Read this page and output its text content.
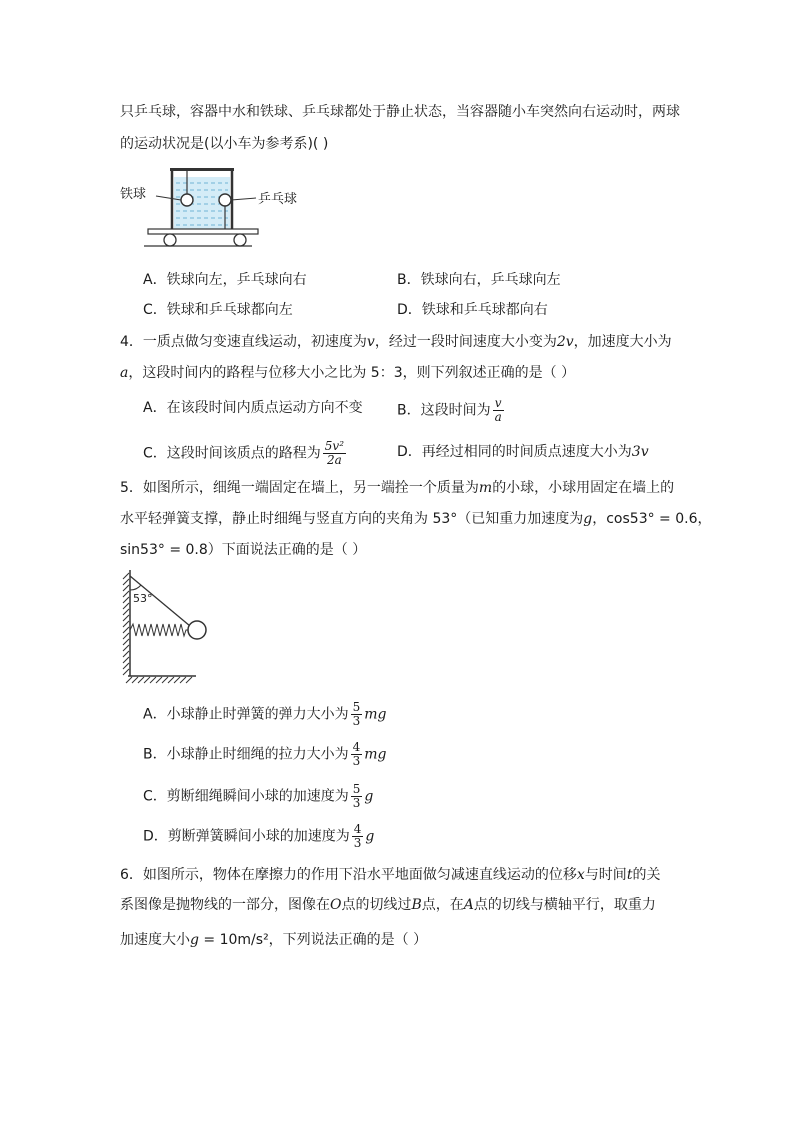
只乒乓球，容器中水和铁球、乒乓球都处于静止状态，当容器随小车突然向右运动时，两球
的运动状况是(以小车为参考系)( )
铁球	乒乓球
A．铁球向左，乒乓球向右	B．铁球向右，乒乓球向左
C．铁球和乒乓球都向左	D．铁球和乒乓球都向右
4．一质点做匀变速直线运动，初速度为v，经过一段时间速度大小变为2v，加速度大小为
a，这段时间内的路程与位移大小之比为 5：3，则下列叙述正确的是（ ）
A．在该段时间内质点运动方向不变 B．这段时间为 $\frac{v}{a}$
C．这段时间该质点的路程为 $\frac{\text{5v²}}{2a}$	D．再经过相同的时间质点速度大小为3v
5．如图所示，细绳一端固定在墙上，另一端拴一个质量为m的小球，小球用固定在墙上的
水平轻弹簧支撑，静止时细绳与竖直方向的夹角为 53°（已知重力加速度为g，cos53° = 0.6，
sin53° = 0.8）下面说法正确的是（ ）
53°
A．小球静止时弹簧的弹力大小为 $\frac{5}{3}$ mg
B．小球静止时细绳的拉力大小为 $\frac{4}{3}$ mg
C．剪断细绳瞬间小球的加速度为 $\frac{5}{3}$ g
D．剪断弹簧瞬间小球的加速度为 $\frac{4}{3}$ g
6．如图所示，物体在摩擦力的作用下沿水平地面做匀减速直线运动的位移x与时间t的关
系图像是抛物线的一部分，图像在O点的切线过B点，在A点的切线与横轴平行，取重力
加速度大小g = 10m/s²，下列说法正确的是（ ）
